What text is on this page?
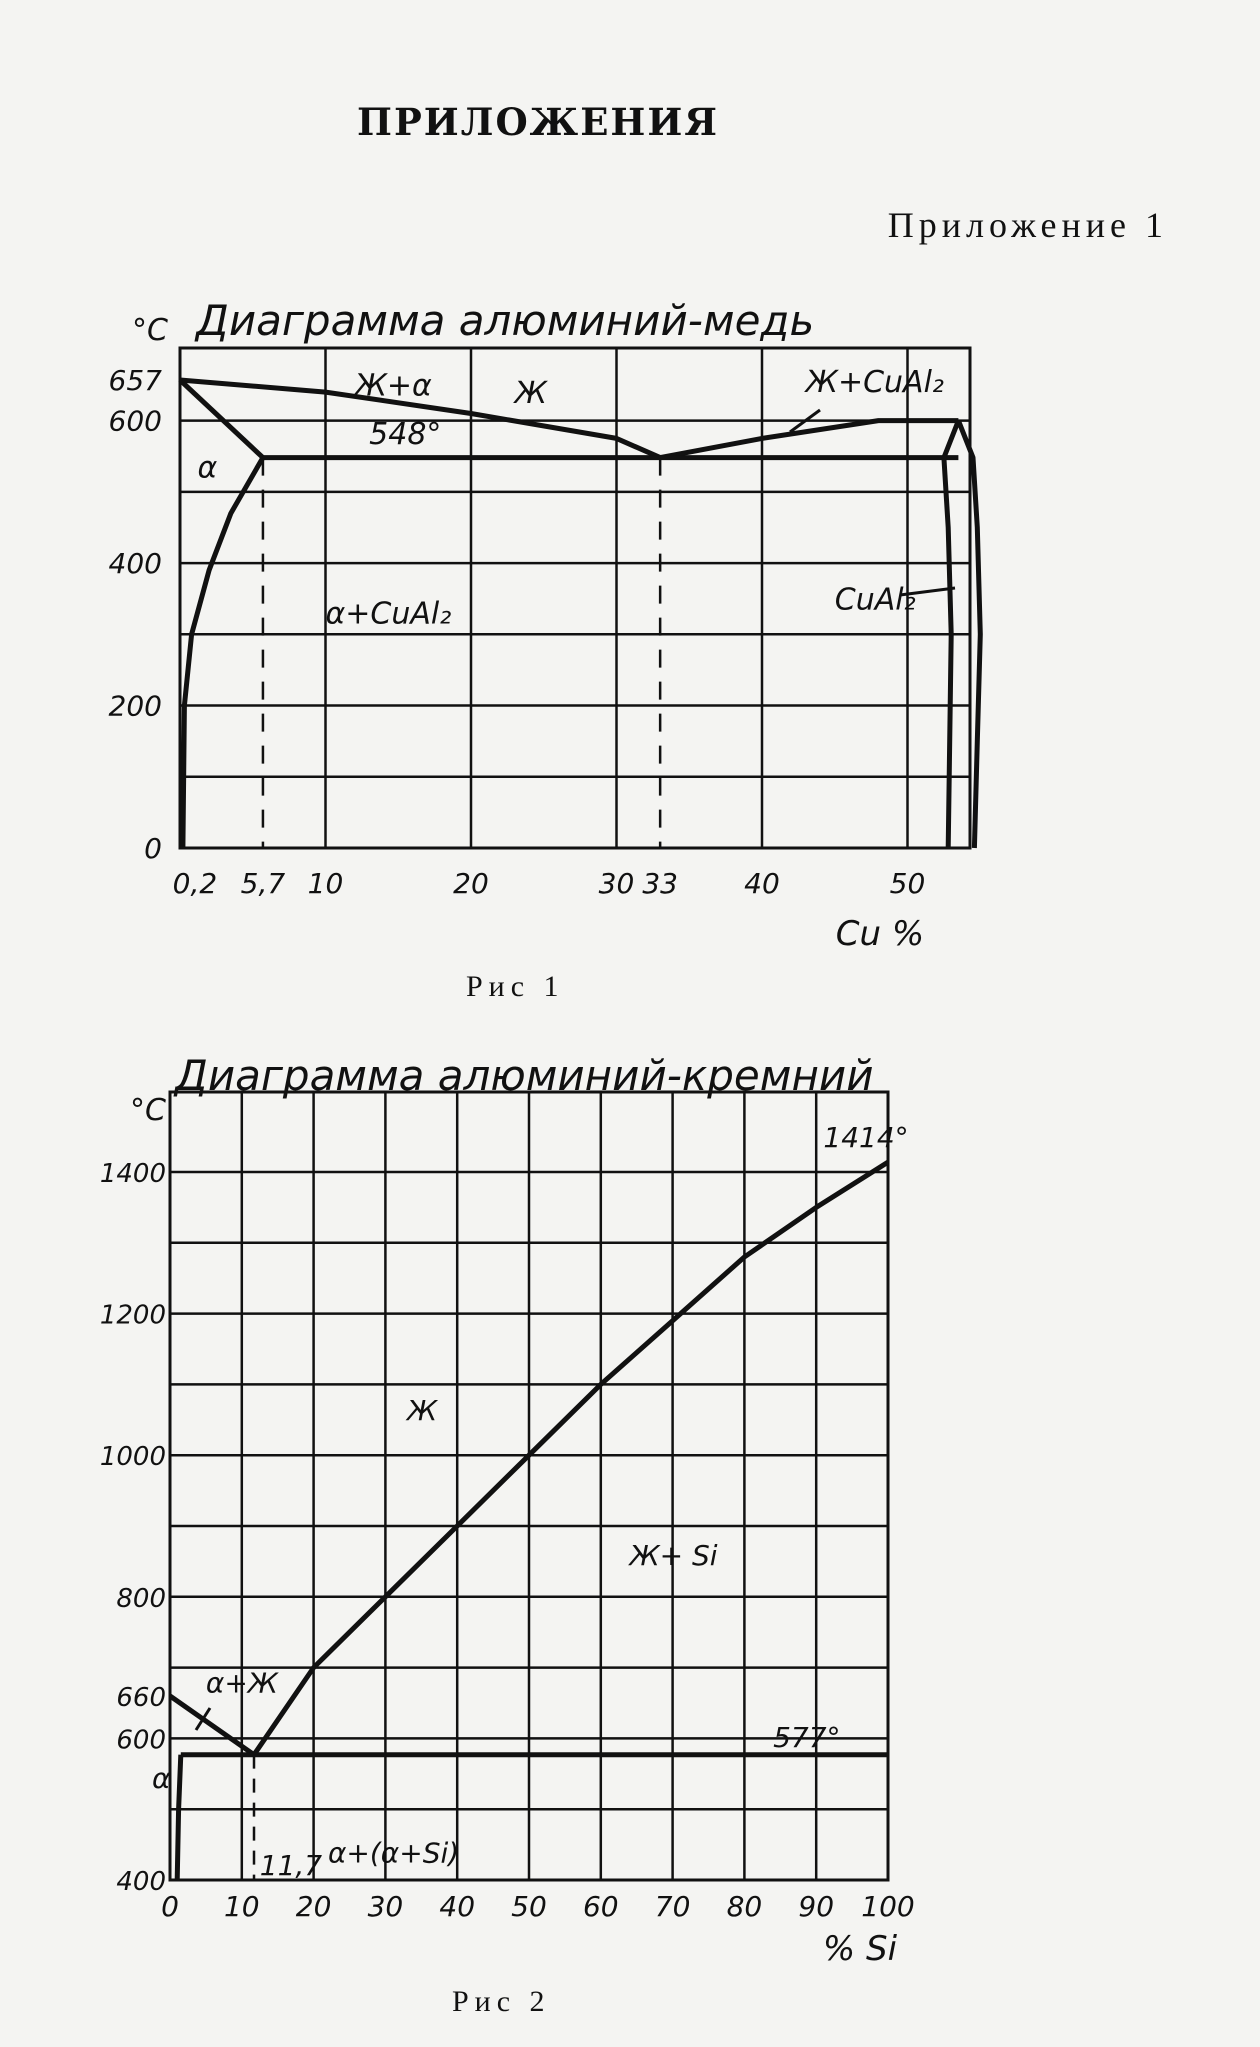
ПРИЛОЖЕНИЯ
Приложение 1
Диаграмма алюминий-медь
°C
0
200
400
600
657
0,2 5,7 10	20	30 33 40	50
Cu %
Ж+α	Ж	Ж+CuAl₂
548°
α
α+CuAl₂	CuAl₂
Рис 1
Диаграмма алюминий-кремний
°C
400
600
660
800
1000
1200
1400
0 10 20 30 40 50 60 70 80 90 100
% Si
1414°
Ж
Ж+ Si
α+Ж
577°
α
11,7 α+(α+Si)
Рис 2
